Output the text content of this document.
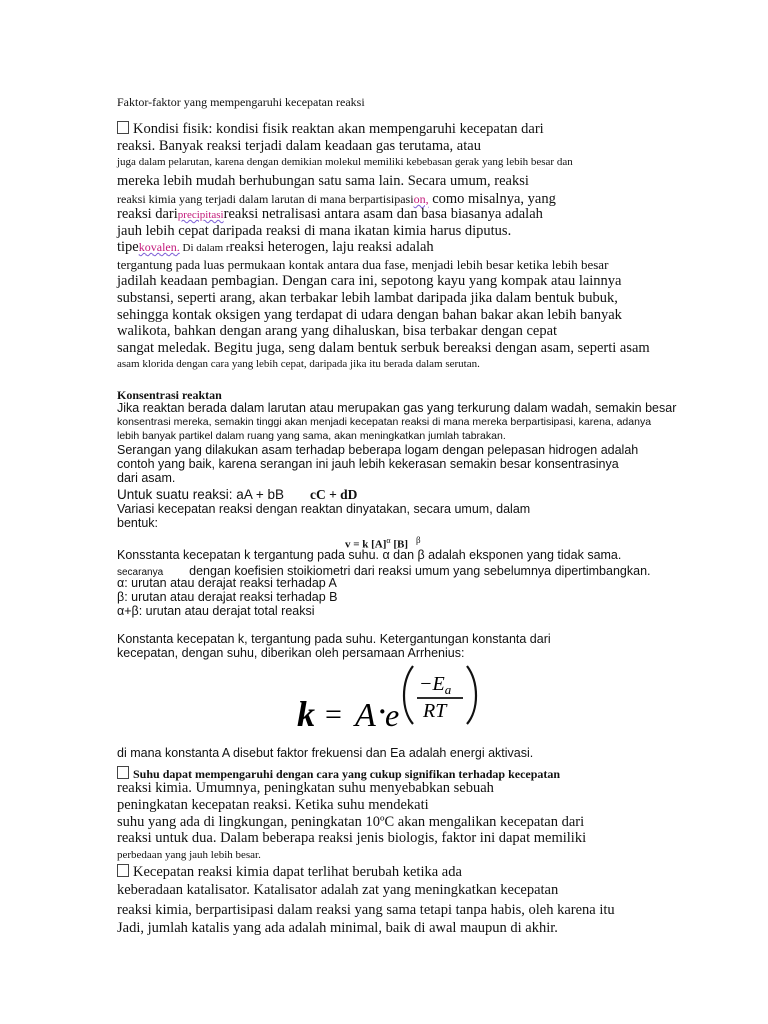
Faktor-faktor yang mempengaruhi kecepatan reaksi
Kondisi fisik: kondisi fisik reaktan akan mempengaruhi kecepatan dari
reaksi. Banyak reaksi terjadi dalam keadaan gas terutama, atau
juga dalam pelarutan, karena dengan demikian molekul memiliki kebebasan gerak yang lebih besar dan
mereka lebih mudah berhubungan satu sama lain. Secara umum, reaksi
reaksi kimia yang terjadi dalam larutan di mana berpartisipasion, como misalnya, yang
reaksi dariprecipitasireaksi netralisasi antara asam dan basa biasanya adalah
jauh lebih cepat daripada reaksi di mana ikatan kimia harus diputus.
tipekovalen. Di dalam rreaksi heterogen, laju reaksi adalah
tergantung pada luas permukaan kontak antara dua fase, menjadi lebih besar ketika lebih besar
jadilah keadaan pembagian. Dengan cara ini, sepotong kayu yang kompak atau lainnya
substansi, seperti arang, akan terbakar lebih lambat daripada jika dalam bentuk bubuk,
sehingga kontak oksigen yang terdapat di udara dengan bahan bakar akan lebih banyak
walikota, bahkan dengan arang yang dihaluskan, bisa terbakar dengan cepat
sangat meledak. Begitu juga, seng dalam bentuk serbuk bereaksi dengan asam, seperti asam
asam klorida dengan cara yang lebih cepat, daripada jika itu berada dalam serutan.
Konsentrasi reaktan
Jika reaktan berada dalam larutan atau merupakan gas yang terkurung dalam wadah, semakin besar
konsentrasi mereka, semakin tinggi akan menjadi kecepatan reaksi di mana mereka berpartisipasi, karena, adanya
lebih banyak partikel dalam ruang yang sama, akan meningkatkan jumlah tabrakan.
Serangan yang dilakukan asam terhadap beberapa logam dengan pelepasan hidrogen adalah
contoh yang baik, karena serangan ini jauh lebih kekerasan semakin besar konsentrasinya
dari asam.
Untuk suatu reaksi: aA + bB cC + dD
Variasi kecepatan reaksi dengan reaktan dinyatakan, secara umum, dalam
bentuk:
v = k $[A]^\alpha$ [B] $^\beta$
Konsstanta kecepatan k tergantung pada suhu. α dan β adalah eksponen yang tidak sama.
secaranya dengan koefisien stoikiometri dari reaksi umum yang sebelumnya dipertimbangkan.
α: urutan atau derajat reaksi terhadap A
β: urutan atau derajat reaksi terhadap B
α+β: urutan atau derajat total reaksi
Konstanta kecepatan k, tergantung pada suhu. Ketergantungan konstanta dari
kecepatan, dengan suhu, diberikan oleh persamaan Arrhenius:
k = A ·
e
$-E_a$
RT
di mana konstanta A disebut faktor frekuensi dan Ea adalah energi aktivasi.
Suhu dapat mempengaruhi dengan cara yang cukup signifikan terhadap kecepatan
reaksi kimia. Umumnya, peningkatan suhu menyebabkan sebuah
peningkatan kecepatan reaksi. Ketika suhu mendekati
suhu yang ada di lingkungan, peningkatan 10ºC akan mengalikan kecepatan dari
reaksi untuk dua. Dalam beberapa reaksi jenis biologis, faktor ini dapat memiliki
perbedaan yang jauh lebih besar.
Kecepatan reaksi kimia dapat terlihat berubah ketika ada
keberadaan katalisator. Katalisator adalah zat yang meningkatkan kecepatan
reaksi kimia, berpartisipasi dalam reaksi yang sama tetapi tanpa habis, oleh karena itu
Jadi, jumlah katalis yang ada adalah minimal, baik di awal maupun di akhir.
